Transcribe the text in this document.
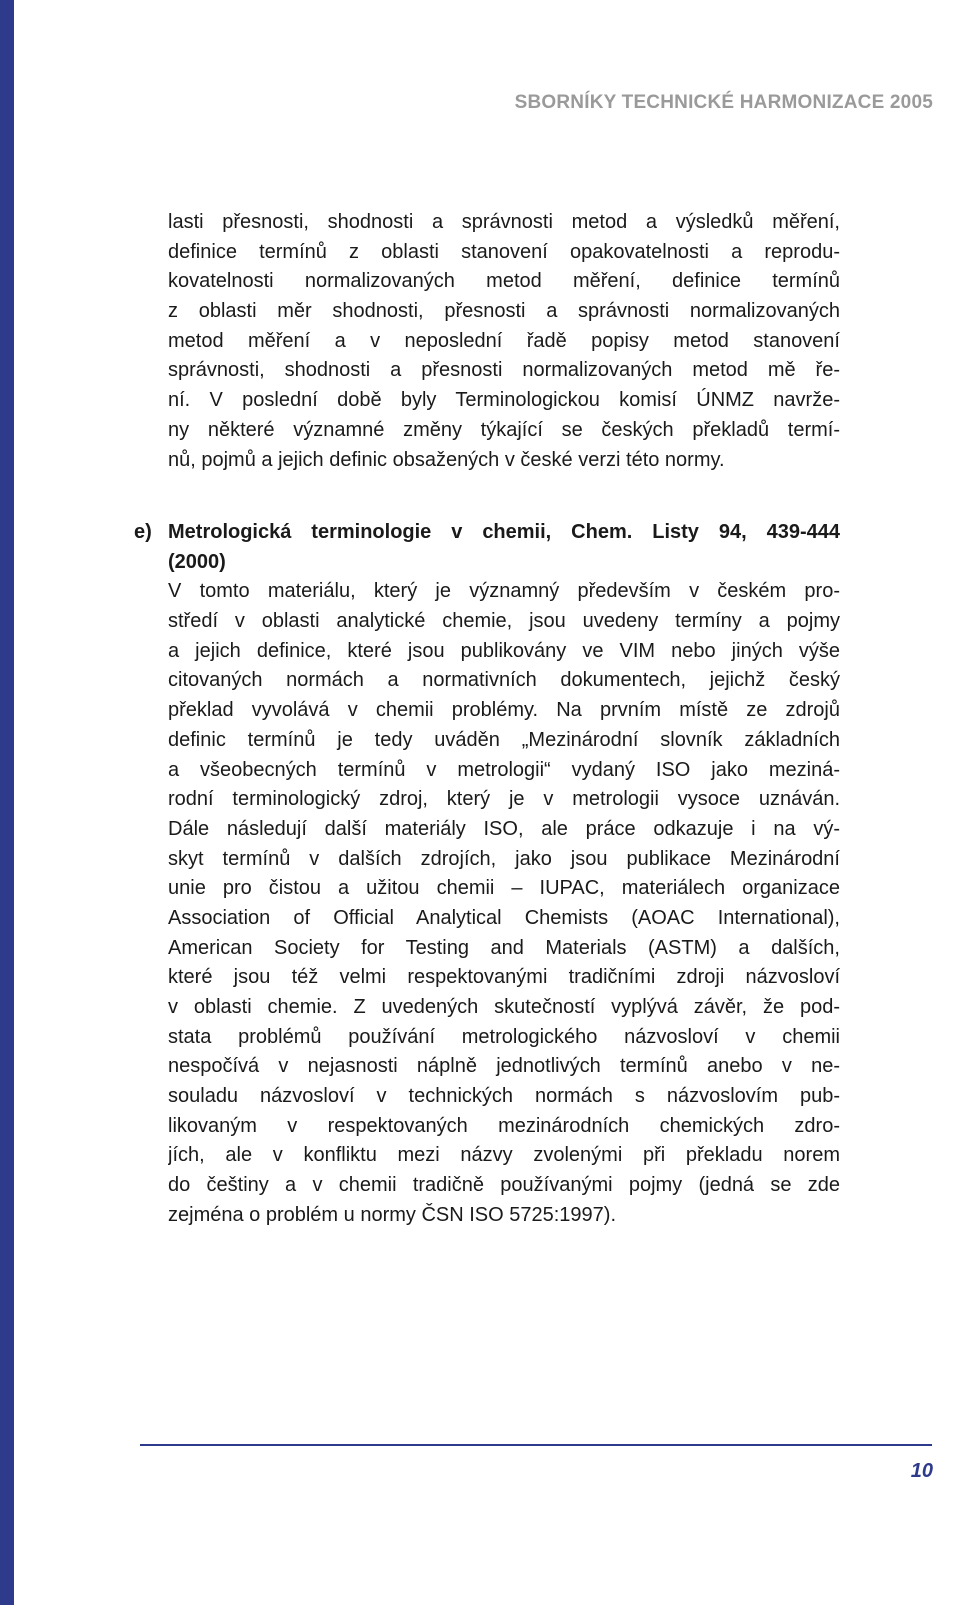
SBORNÍKY TECHNICKÉ HARMONIZACE 2005
lasti přesnosti, shodnosti a správnosti metod a výsledků měření,
definice termínů z oblasti stanovení opakovatelnosti a reprodu-
kovatelnosti normalizovaných metod měření, definice termínů
z oblasti měr shodnosti, přesnosti a správnosti normalizovaných
metod měření a v neposlední řadě popisy metod stanovení
správnosti, shodnosti a přesnosti normalizovaných metod mě ře-
ní. V poslední době byly Terminologickou komisí ÚNMZ navrže-
ny některé významné změny týkající se českých překladů termí-
nů, pojmů a jejich definic obsažených v české verzi této normy.
e) Metrologická terminologie v chemii, Chem. Listy 94, 439-444
(2000)
V tomto materiálu, který je významný především v českém pro-
středí v oblasti analytické chemie, jsou uvedeny termíny a pojmy
a jejich definice, které jsou publikovány ve VIM nebo jiných výše
citovaných normách a normativních dokumentech, jejichž český
překlad vyvolává v chemii problémy. Na prvním místě ze zdrojů
definic termínů je tedy uváděn „Mezinárodní slovník základních
a všeobecných termínů v metrologii“ vydaný ISO jako meziná-
rodní terminologický zdroj, který je v metrologii vysoce uznáván.
Dále následují další materiály ISO, ale práce odkazuje i na vý-
skyt termínů v dalších zdrojích, jako jsou publikace Mezinárodní
unie pro čistou a užitou chemii – IUPAC, materiálech organizace
Association of Official Analytical Chemists (AOAC International),
American Society for Testing and Materials (ASTM) a dalších,
které jsou též velmi respektovanými tradičními zdroji názvosloví
v oblasti chemie. Z uvedených skutečností vyplývá závěr, že pod-
stata problémů používání metrologického názvosloví v chemii
nespočívá v nejasnosti náplně jednotlivých termínů anebo v ne-
souladu názvosloví v technických normách s názvoslovím pub-
likovaným v respektovaných mezinárodních chemických zdro-
jích, ale v konfliktu mezi názvy zvolenými při překladu norem
do češtiny a v chemii tradičně používanými pojmy (jedná se zde
zejména o problém u normy ČSN ISO 5725:1997).
10
